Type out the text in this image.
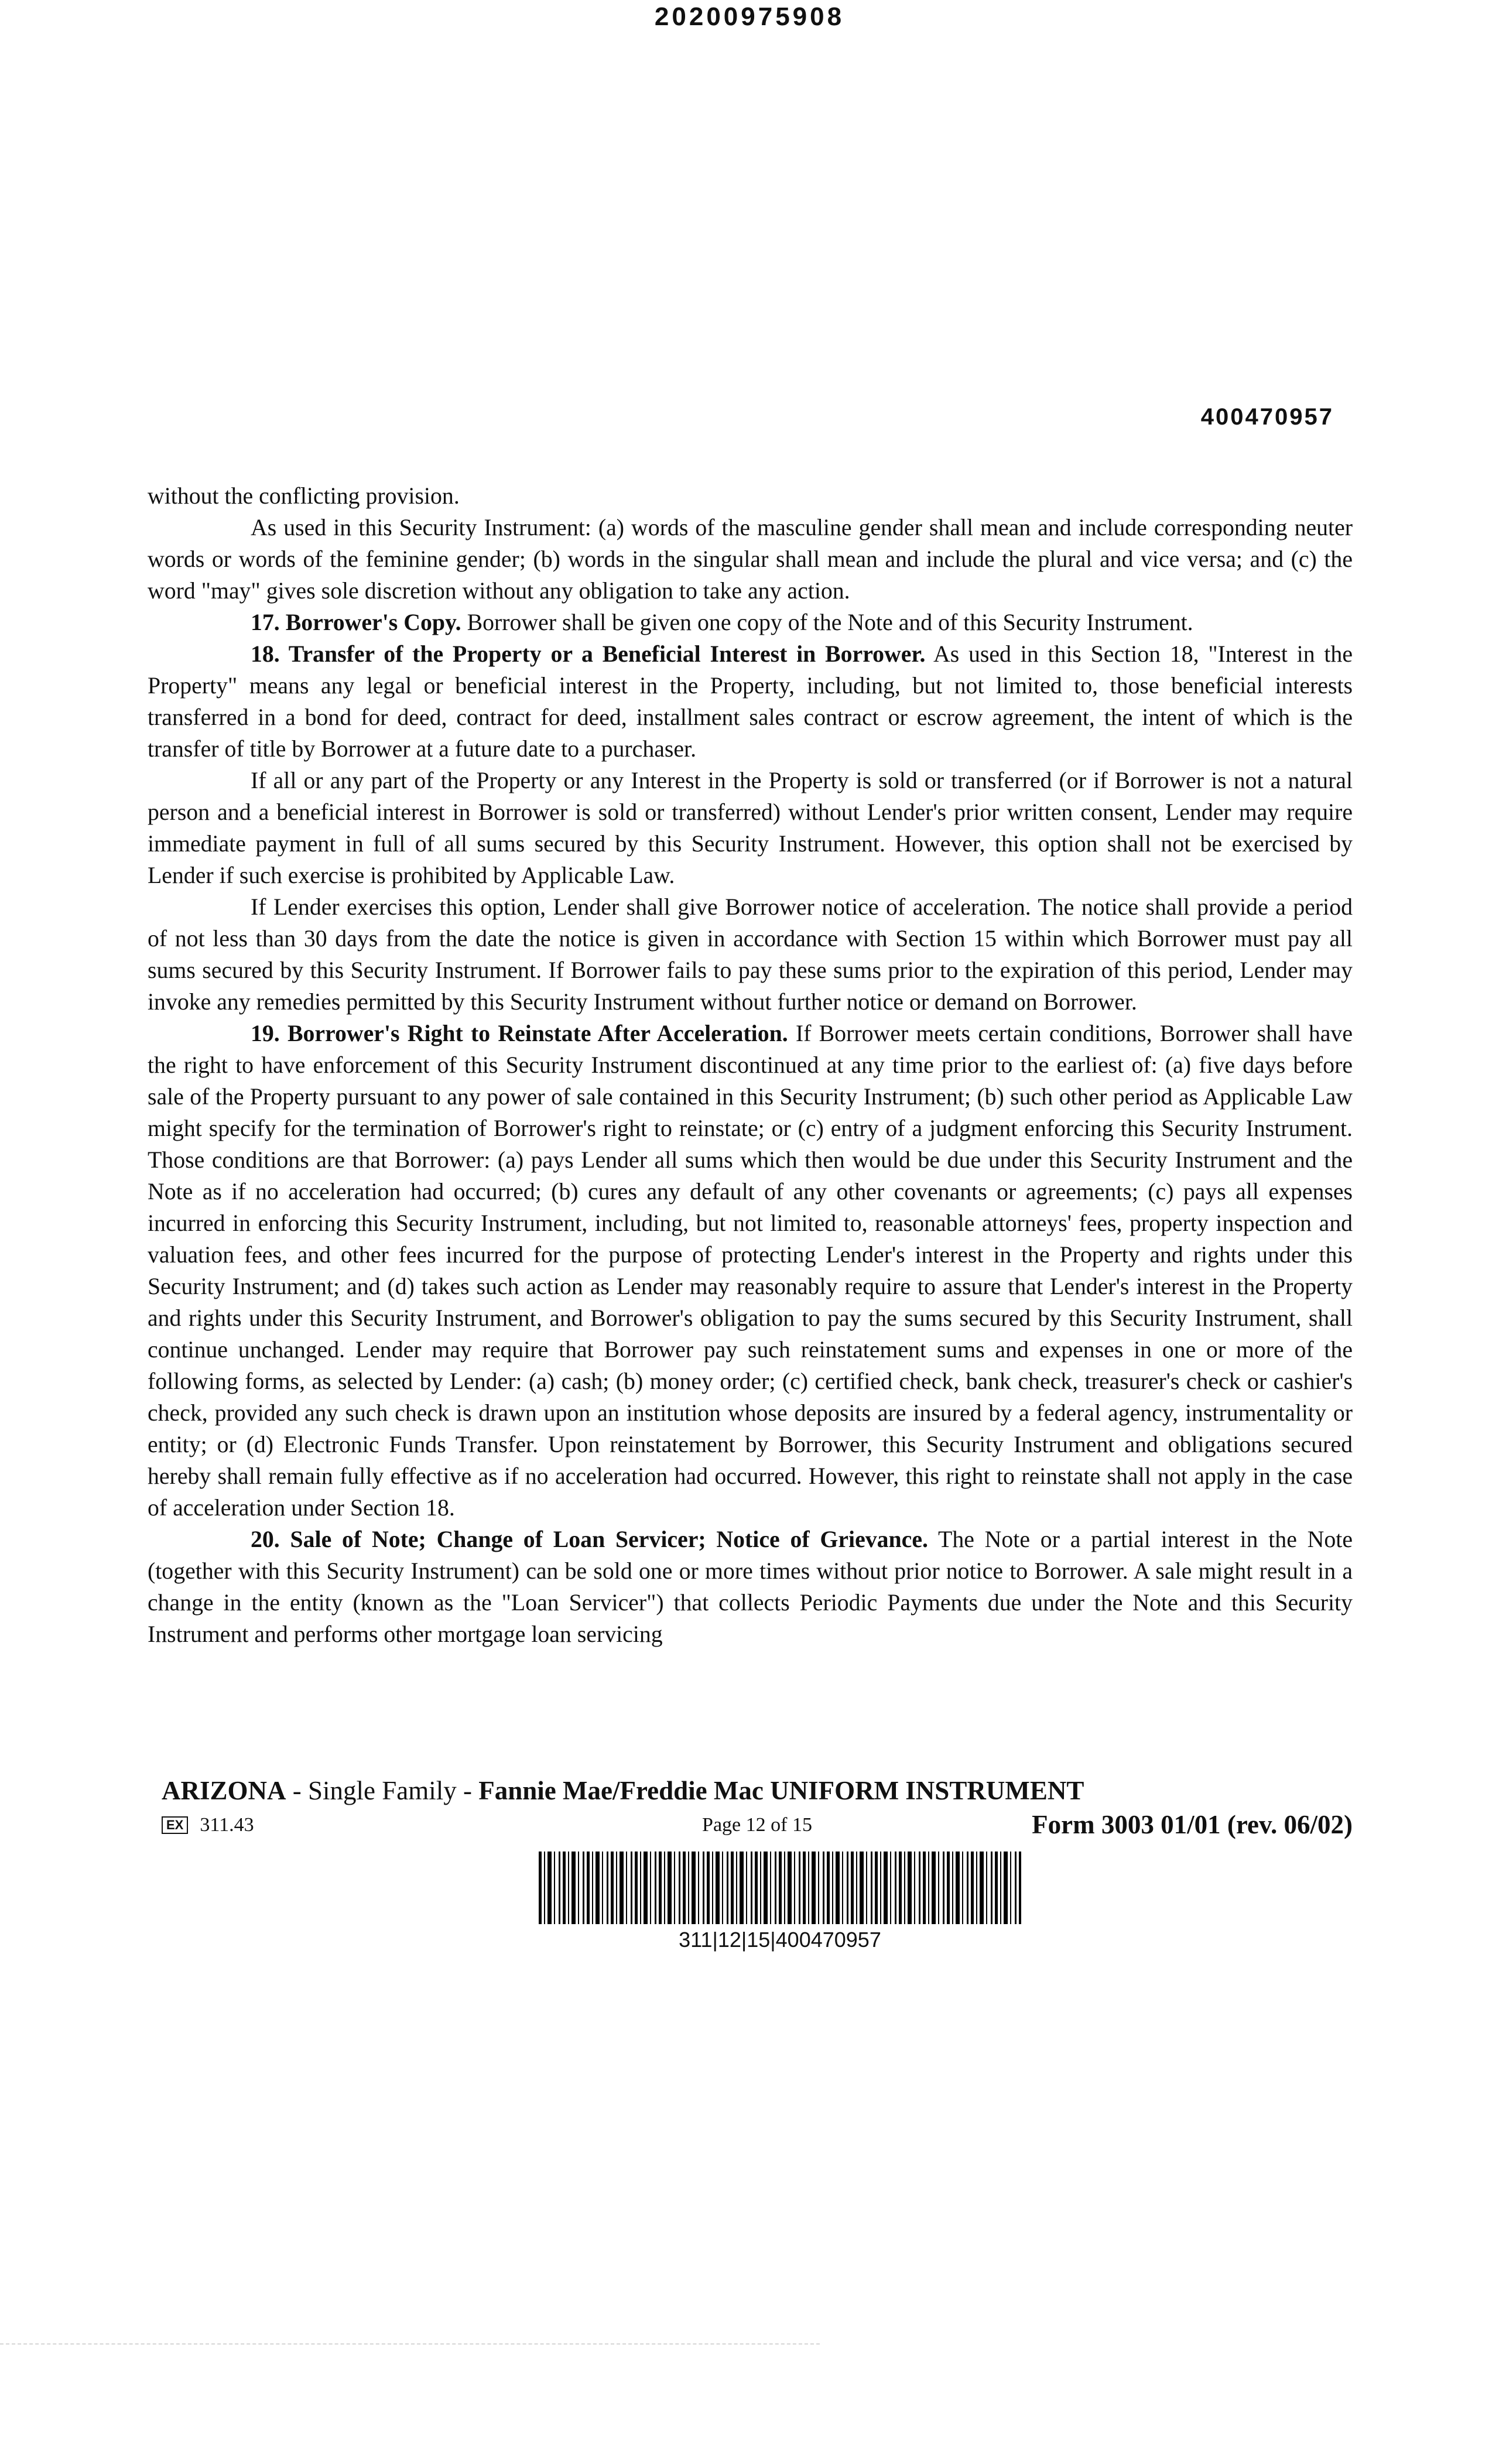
20200975908
400470957

without the conflicting provision.

As used in this Security Instrument: (a) words of the masculine gender shall mean and include corresponding neuter words or words of the feminine gender; (b) words in the singular shall mean and include the plural and vice versa; and (c) the word "may" gives sole discretion without any obligation to take any action.

17. Borrower's Copy. Borrower shall be given one copy of the Note and of this Security Instrument.

18. Transfer of the Property or a Beneficial Interest in Borrower. As used in this Section 18, "Interest in the Property" means any legal or beneficial interest in the Property, including, but not limited to, those beneficial interests transferred in a bond for deed, contract for deed, installment sales contract or escrow agreement, the intent of which is the transfer of title by Borrower at a future date to a purchaser.

If all or any part of the Property or any Interest in the Property is sold or transferred (or if Borrower is not a natural person and a beneficial interest in Borrower is sold or transferred) without Lender's prior written consent, Lender may require immediate payment in full of all sums secured by this Security Instrument. However, this option shall not be exercised by Lender if such exercise is prohibited by Applicable Law.

If Lender exercises this option, Lender shall give Borrower notice of acceleration. The notice shall provide a period of not less than 30 days from the date the notice is given in accordance with Section 15 within which Borrower must pay all sums secured by this Security Instrument. If Borrower fails to pay these sums prior to the expiration of this period, Lender may invoke any remedies permitted by this Security Instrument without further notice or demand on Borrower.

19. Borrower's Right to Reinstate After Acceleration. If Borrower meets certain conditions, Borrower shall have the right to have enforcement of this Security Instrument discontinued at any time prior to the earliest of: (a) five days before sale of the Property pursuant to any power of sale contained in this Security Instrument; (b) such other period as Applicable Law might specify for the termination of Borrower's right to reinstate; or (c) entry of a judgment enforcing this Security Instrument. Those conditions are that Borrower: (a) pays Lender all sums which then would be due under this Security Instrument and the Note as if no acceleration had occurred; (b) cures any default of any other covenants or agreements; (c) pays all expenses incurred in enforcing this Security Instrument, including, but not limited to, reasonable attorneys' fees, property inspection and valuation fees, and other fees incurred for the purpose of protecting Lender's interest in the Property and rights under this Security Instrument; and (d) takes such action as Lender may reasonably require to assure that Lender's interest in the Property and rights under this Security Instrument, and Borrower's obligation to pay the sums secured by this Security Instrument, shall continue unchanged. Lender may require that Borrower pay such reinstatement sums and expenses in one or more of the following forms, as selected by Lender: (a) cash; (b) money order; (c) certified check, bank check, treasurer's check or cashier's check, provided any such check is drawn upon an institution whose deposits are insured by a federal agency, instrumentality or entity; or (d) Electronic Funds Transfer. Upon reinstatement by Borrower, this Security Instrument and obligations secured hereby shall remain fully effective as if no acceleration had occurred. However, this right to reinstate shall not apply in the case of acceleration under Section 18.

20. Sale of Note; Change of Loan Servicer; Notice of Grievance. The Note or a partial interest in the Note (together with this Security Instrument) can be sold one or more times without prior notice to Borrower. A sale might result in a change in the entity (known as the "Loan Servicer") that collects Periodic Payments due under the Note and this Security Instrument and performs other mortgage loan servicing

ARIZONA - Single Family - Fannie Mae/Freddie Mac UNIFORM INSTRUMENT
EX 311.43	Page 12 of 15	Form 3003 01/01 (rev. 06/02)
311|12|15|400470957
